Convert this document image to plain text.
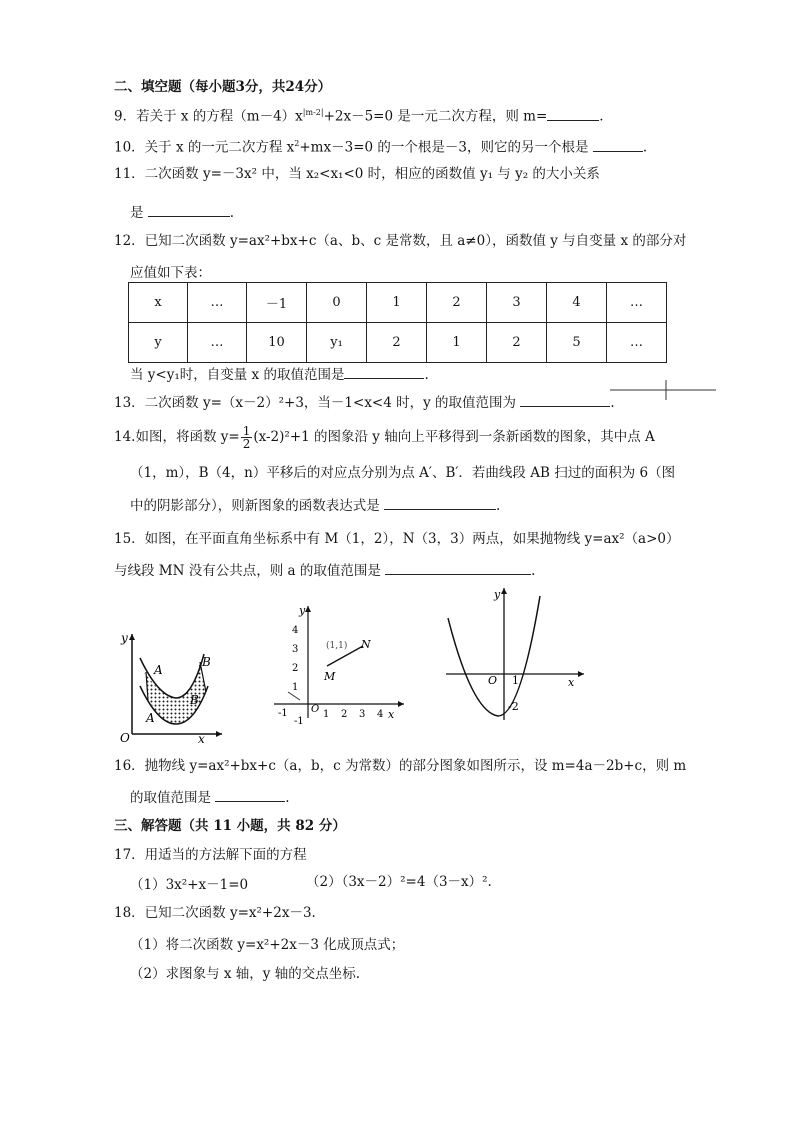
二、填空题（每小题3分，共24分）
9．若关于 x 的方程$(m-4)x^{|m-2|}+2x-5=0$ 是一元二次方程，则 m=	.
10．关于 x 的一元二次方程 $x^2+mx-3=0$ 的一个根是－3，则它的另一个根是	.
11．二次函数 y=－3x² 中，当 x₂<x₁<0 时，相应的函数值 y₁ 与 y₂ 的大小关系
是	.
12．已知二次函数 y=ax²+bx+c（a、b、c 是常数，且 a≠0），函数值 y 与自变量 x 的部分对
应值如下表：
x	…	－1	0	1	2	3	4	…
y	…	10	y₁	2	1	2	5	…
当 y<y₁时，自变量 x 的取值范围是	.
13．二次函数 y=（x－2）²+3，当－1<x<4 时，y 的取值范围为	.
14.如图，将函数 $y= \frac{1}{2} (x-2)^2+1$ 的图象沿 y 轴向上平移得到一条新函数的图象，其中点 A
（1，m），B（4，n）平移后的对应点分别为点 A′、B′．若曲线段 AB 扫过的面积为 6（图
中的阴影部分），则新图象的函数表达式是	.
15．如图，在平面直角坐标系中有 M（1，2），N（3，3）两点，如果抛物线 y=ax²（a>0）
与线段 MN 没有公共点，则 a 的取值范围是	.
A
B
A
B
y
x
O
y
x
O
4
3
2
1
1 2 3 4
-1
-1
M
N
(1,1)
y
x
O 1
-2
16．抛物线 y=ax²+bx+c（a，b，c 为常数）的部分图象如图所示，设 m=4a－2b+c，则 m
的取值范围是	.
三、解答题（共 11 小题，共 82 分）
17．用适当的方法解下面的方程
（1）3x²+x－1=0	（2）（3x－2）²=4（3－x）².
18．已知二次函数 y=x²+2x－3.
（1）将二次函数 y=x²+2x－3 化成顶点式；
（2）求图象与 x 轴，y 轴的交点坐标.
